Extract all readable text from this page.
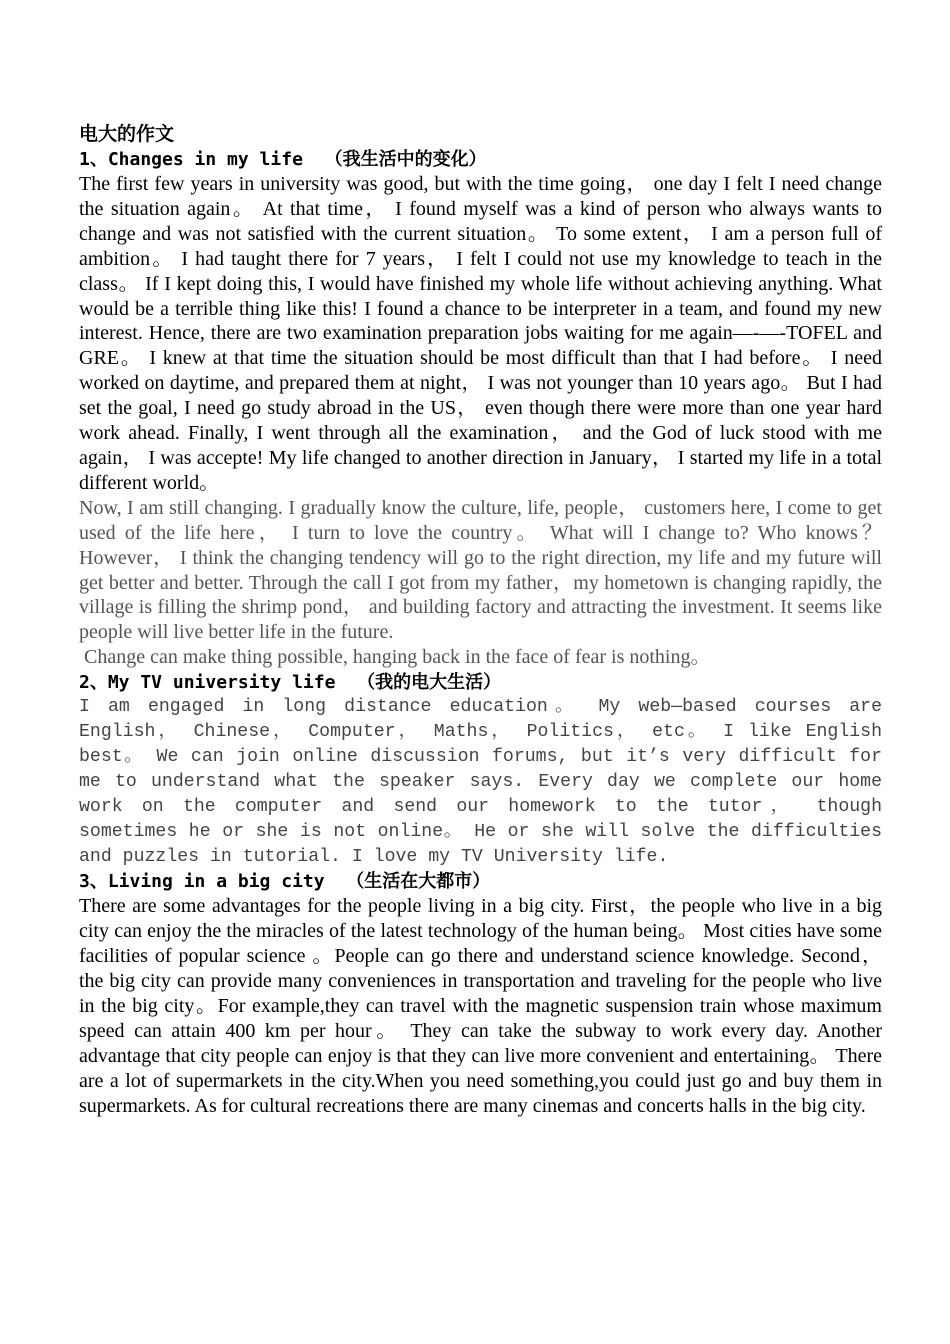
电大的作文

1、Changes in my life  （我生活中的变化）

The first few years in university was good, but with the time going， one day I felt I need change the situation again。 At that time， I found myself was a kind of person who always wants to change and was not satisfied with the current situation。 To some extent， I am a person full of ambition。 I had taught there for 7 years， I felt I could not use my knowledge to teach in the class。 If I kept doing this, I would have finished my whole life without achieving anything. What would be a terrible thing like this! I found a chance to be interpreter in a team, and found my new interest. Hence, there are two examination preparation jobs waiting for me again—-—-TOFEL and GRE。 I knew at that time the situation should be most difficult than that I had before。 I need worked on daytime, and prepared them at night， I was not younger than 10 years ago。 But I had set the goal, I need go study abroad in the US， even though there were more than one year hard work ahead. Finally, I went through all the examination， and the God of luck stood with me again， I was accepte! My life changed to another direction in January， I started my life in a total different world。

Now, I am still changing. I gradually know the culture, life, people， customers here, I come to get used of the life here， I turn to love the country。 What will I change to? Who knows？ However， I think the changing tendency will go to the right direction, my life and my future will get better and better. Through the call I got from my father，my hometown is changing rapidly, the village is filling the shrimp pond， and building factory and attracting the investment. It seems like people will live better life in the future.

Change can make thing possible, hanging back in the face of fear is nothing。

2、My TV university life  （我的电大生活）

I am engaged in long distance education。 My web—based courses are English， Chinese， Computer， Maths， Politics， etc。 I like English best。 We can join online discussion forums, but it’s very difficult for me to understand what the speaker says. Every day we complete our home work on the computer and send our homework to the tutor， though sometimes he or she is not online。 He or she will solve the difficulties and puzzles in tutorial. I love my TV University life.

3、Living in a big city  （生活在大都市）

There are some advantages for the people living in a big city. First，the people who live in a big city can enjoy the the miracles of the latest technology of the human being。 Most cities have some facilities of popular science 。People can go there and understand science knowledge. Second， the big city can provide many conveniences in transportation and traveling for the people who live in the big city。For example,they can travel with the magnetic suspension train whose maximum speed can attain 400 km per hour。 They can take the subway to work every day. Another advantage that city people can enjoy is that they can live more convenient and entertaining。 There are a lot of supermarkets in the city.When you need something,you could just go and buy them in supermarkets. As for cultural recreations there are many cinemas and concerts halls in the big city.
